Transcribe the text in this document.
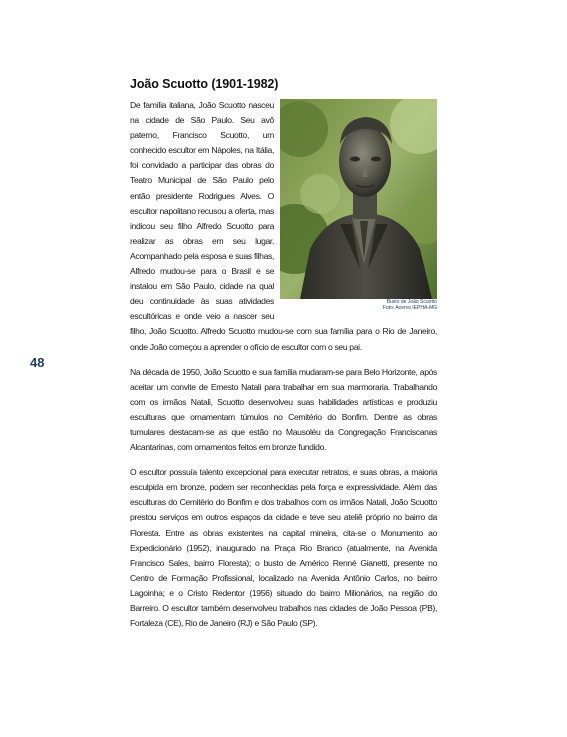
48
João Scuotto (1901-1982)

Busto de João Scuotto
Foto: Acervo IEPHA-MG
De família italiana, João Scuotto nasceu na cidade de São Paulo. Seu avô paterno, Francisco Scuotto, um conhecido escultor em Nápoles, na Itália, foi convidado a participar das obras do Teatro Municipal de São Paulo pelo então presidente Rodrigues Alves. O escultor napolitano recusou a oferta, mas indicou seu filho Alfredo Scuotto para realizar as obras em seu lugar. Acompanhado pela esposa e suas filhas, Alfredo mudou-se para o Brasil e se instalou em São Paulo, cidade na qual deu continuidade às suas atividades escultóricas e onde veio a nascer seu filho, João Scuotto. Alfredo Scuotto mudou-se com sua família para o Rio de Janeiro, onde João começou a aprender o ofício de escultor com o seu pai.

Na década de 1950, João Scuotto e sua família mudaram-se para Belo Horizonte, após aceitar um convite de Ernesto Natali para trabalhar em sua marmoraria. Trabalhando com os irmãos Natali, Scuotto desenvolveu suas habilidades artísticas e produziu esculturas que ornamentam túmulos no Cemitério do Bonfim. Dentre as obras tumulares destacam-se as que estão no Mausoléu da Congregação Franciscanas Alcantarinas, com ornamentos feitos em bronze fundido.

O escultor possuía talento excepcional para executar retratos, e suas obras, a maioria esculpida em bronze, podem ser reconhecidas pela força e expressividade. Além das esculturas do Cemitério do Bonfim e dos trabalhos com os irmãos Natali, João Scuotto prestou serviços em outros espaços da cidade e teve seu ateliê próprio no bairro da Floresta. Entre as obras existentes na capital mineira, cita-se o Monumento ao Expedicionário (1952), inaugurado na Praça Rio Branco (atualmente, na Avenida Francisco Sales, bairro Floresta); o busto de Américo Renné Gianetti, presente no Centro de Formação Profissional, localizado na Avenida Antônio Carlos, no bairro Lagoinha; e o Cristo Redentor (1956) situado do bairro Milionários, na região do Barreiro. O escultor também desenvolveu trabalhos nas cidades de João Pessoa (PB), Fortaleza (CE), Rio de Janeiro (RJ) e São Paulo (SP).
